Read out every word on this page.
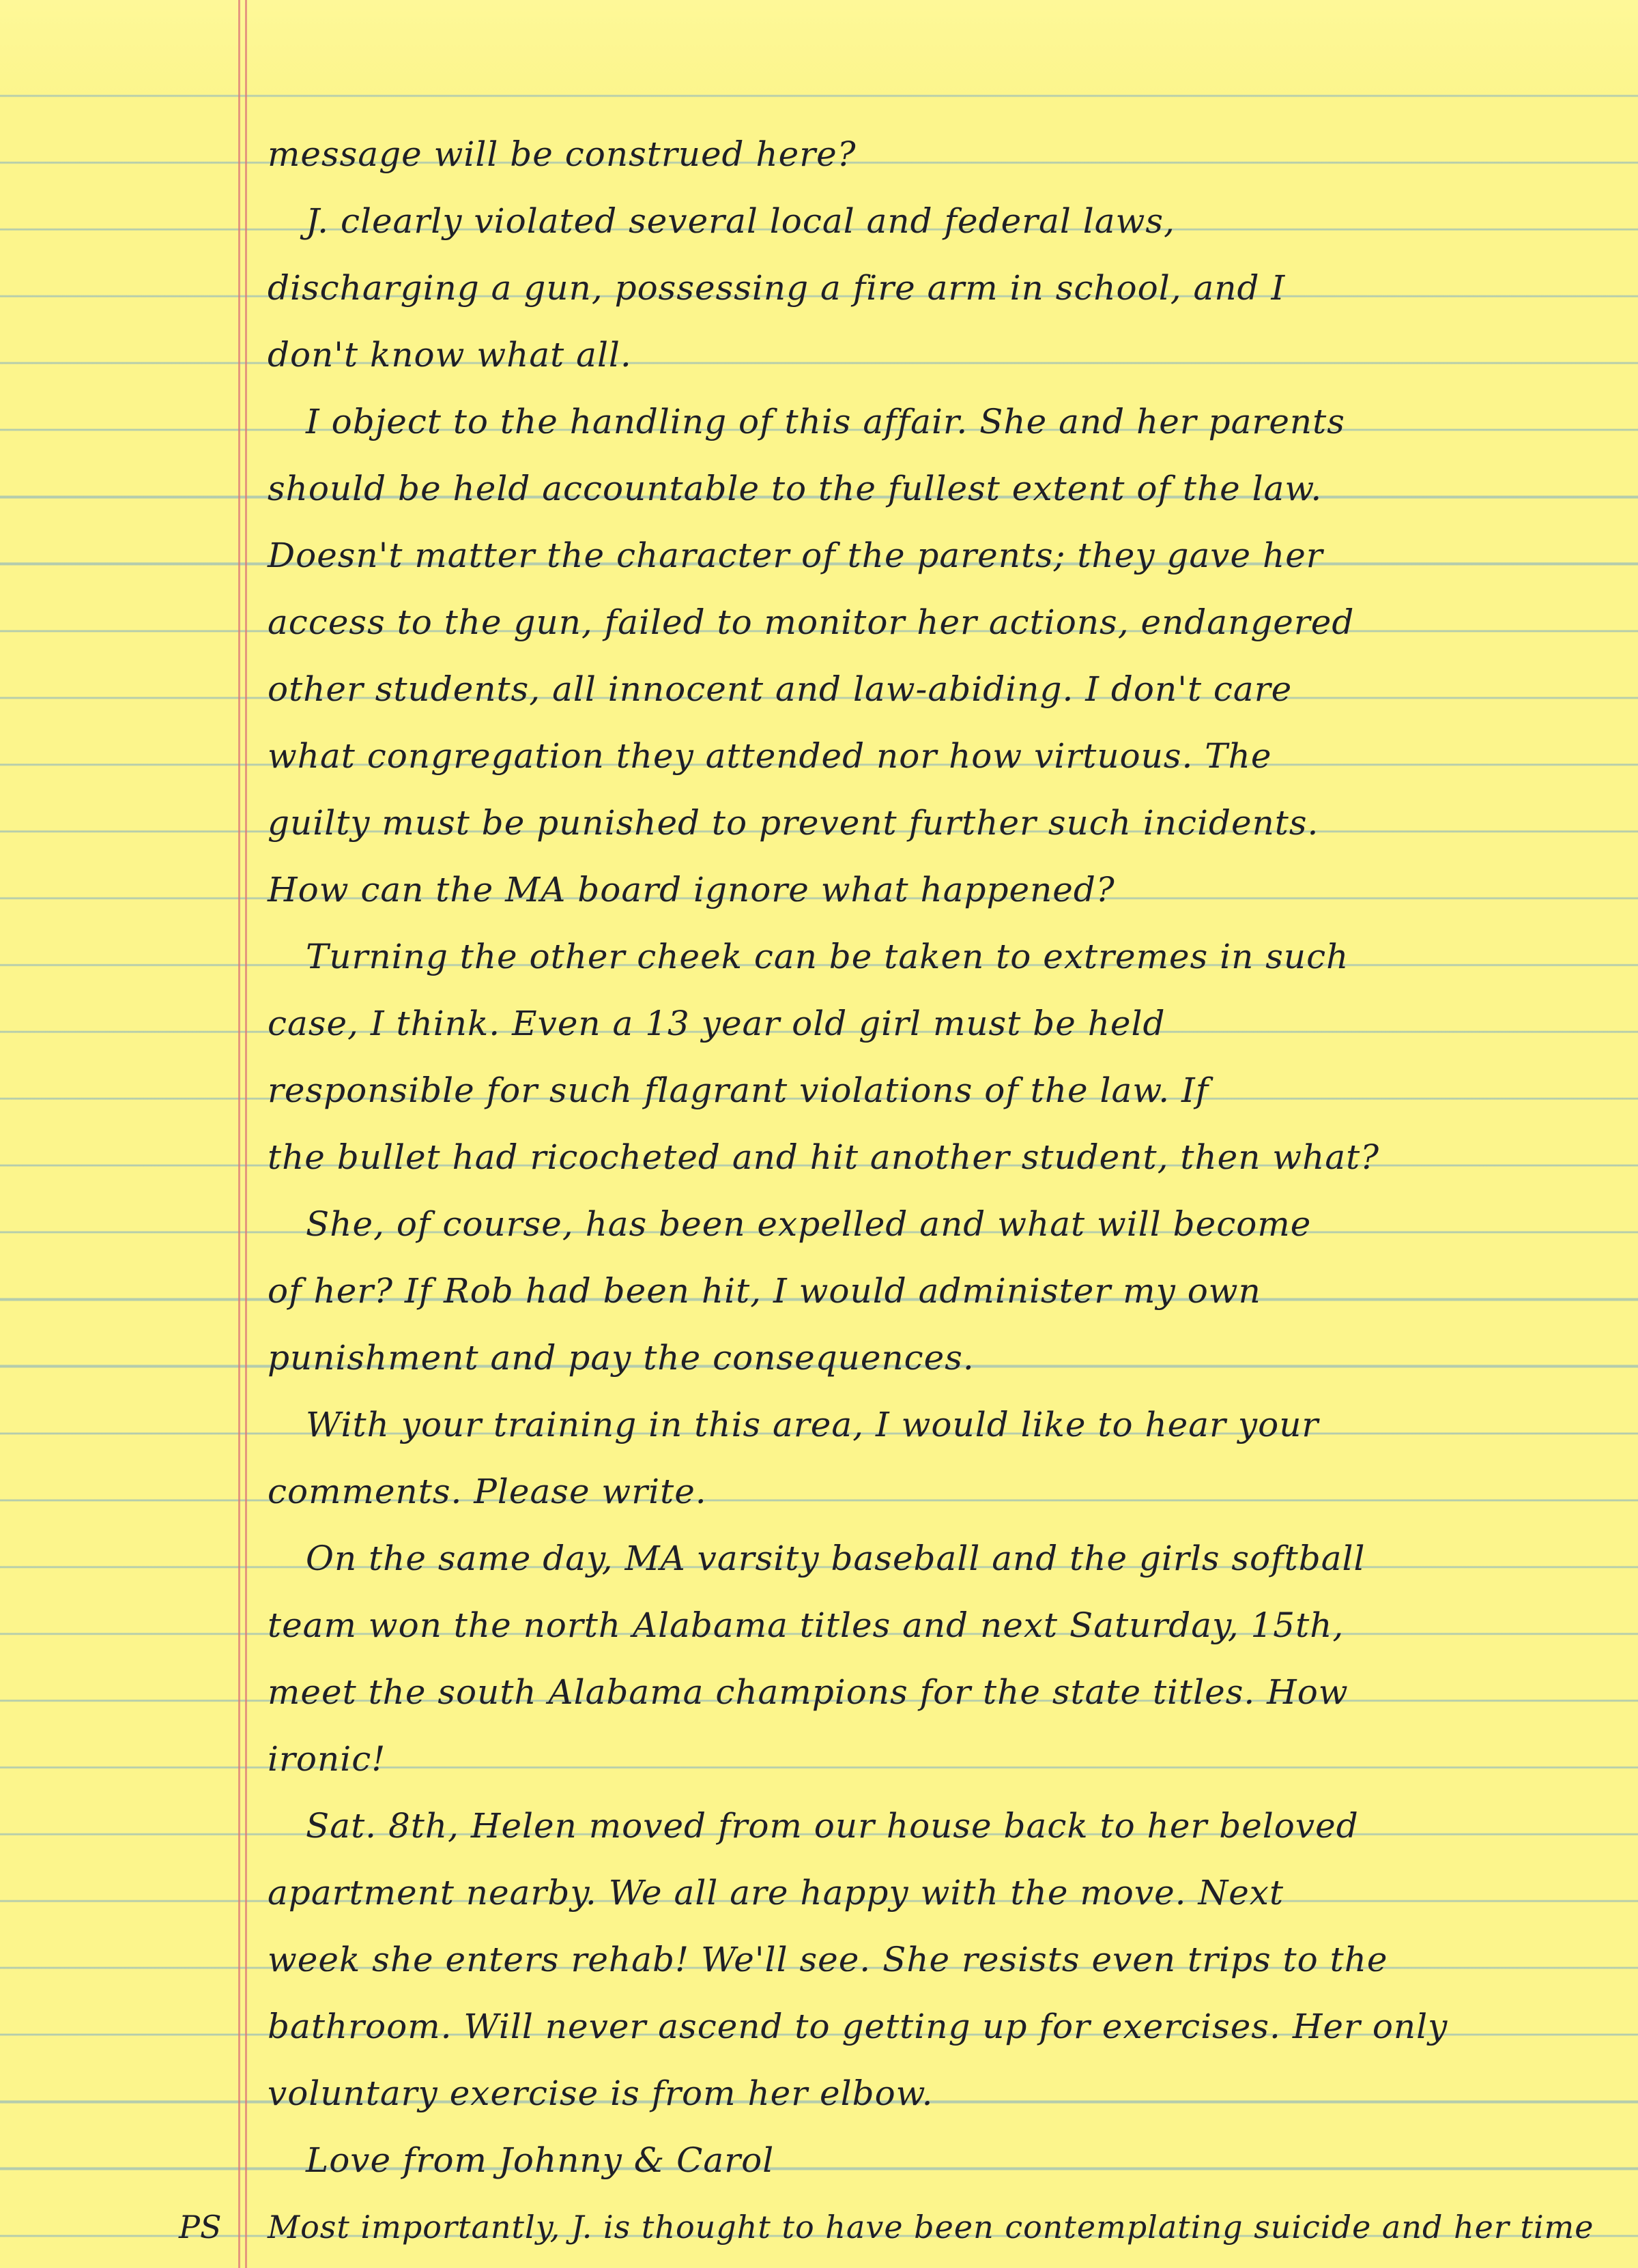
message will be construed here?
J. clearly violated several local and federal laws,
discharging a gun, possessing a fire arm in school, and I
don't know what all.
I object to the handling of this affair. She and her parents
should be held accountable to the fullest extent of the law.
Doesn't matter the character of the parents; they gave her
access to the gun, failed to monitor her actions, endangered
other students, all innocent and law-abiding. I don't care
what congregation they attended nor how virtuous. The
guilty must be punished to prevent further such incidents.
How can the MA board ignore what happened?
Turning the other cheek can be taken to extremes in such
case, I think. Even a 13 year old girl must be held
responsible for such flagrant violations of the law. If
the bullet had ricocheted and hit another student, then what?
She, of course, has been expelled and what will become
of her? If Rob had been hit, I would administer my own
punishment and pay the consequences.
With your training in this area, I would like to hear your
comments. Please write.
On the same day, MA varsity baseball and the girls softball
team won the north Alabama titles and next Saturday, 15th,
meet the south Alabama champions for the state titles. How
ironic!
Sat. 8th, Helen moved from our house back to her beloved
apartment nearby. We all are happy with the move. Next
week she enters rehab! We'll see. She resists even trips to the
bathroom. Will never ascend to getting up for exercises. Her only
voluntary exercise is from her elbow.
Love from Johnny & Carol
PS Most importantly, J. is thought to have been contemplating suicide and her time
